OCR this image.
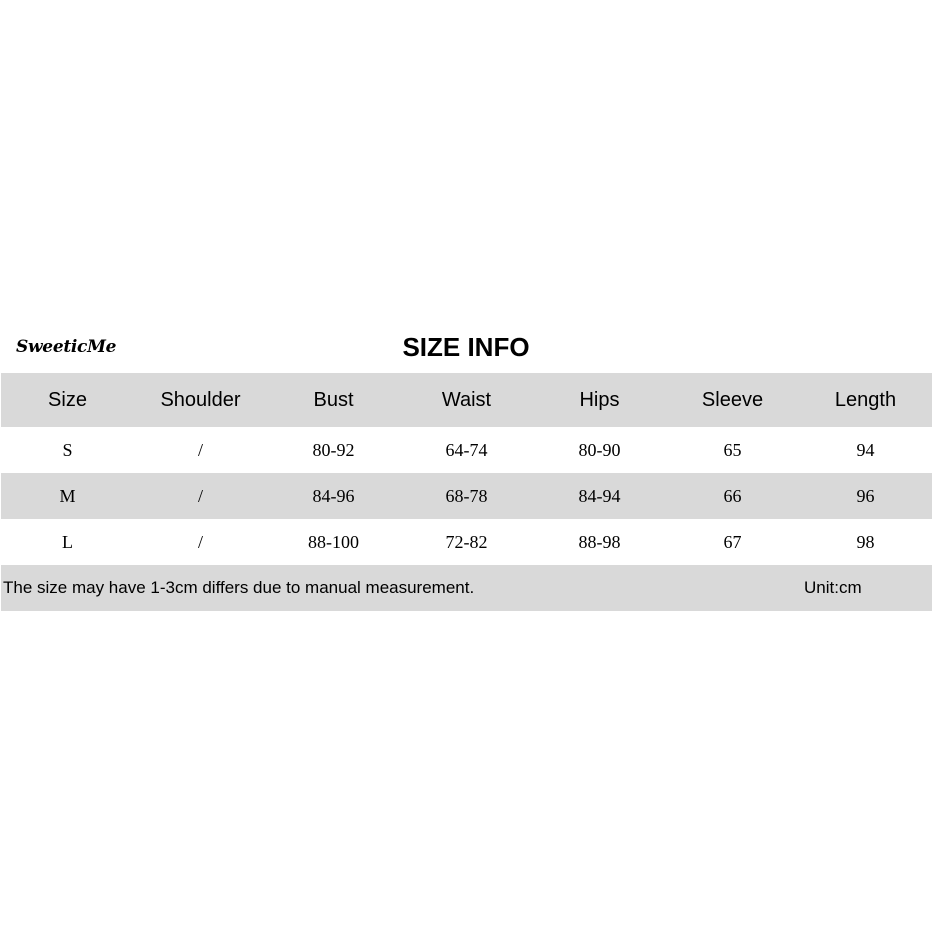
SweeticMe	SIZE INFO
Size	Shoulder	Bust	Waist	Hips	Sleeve	Length
S	/	80-92	64-74	80-90	65	94
M	/	84-96	68-78	84-94	66	96
L	/	88-100	72-82	88-98	67	98
The size may have 1-3cm differs due to manual measurement.	Unit:cm
